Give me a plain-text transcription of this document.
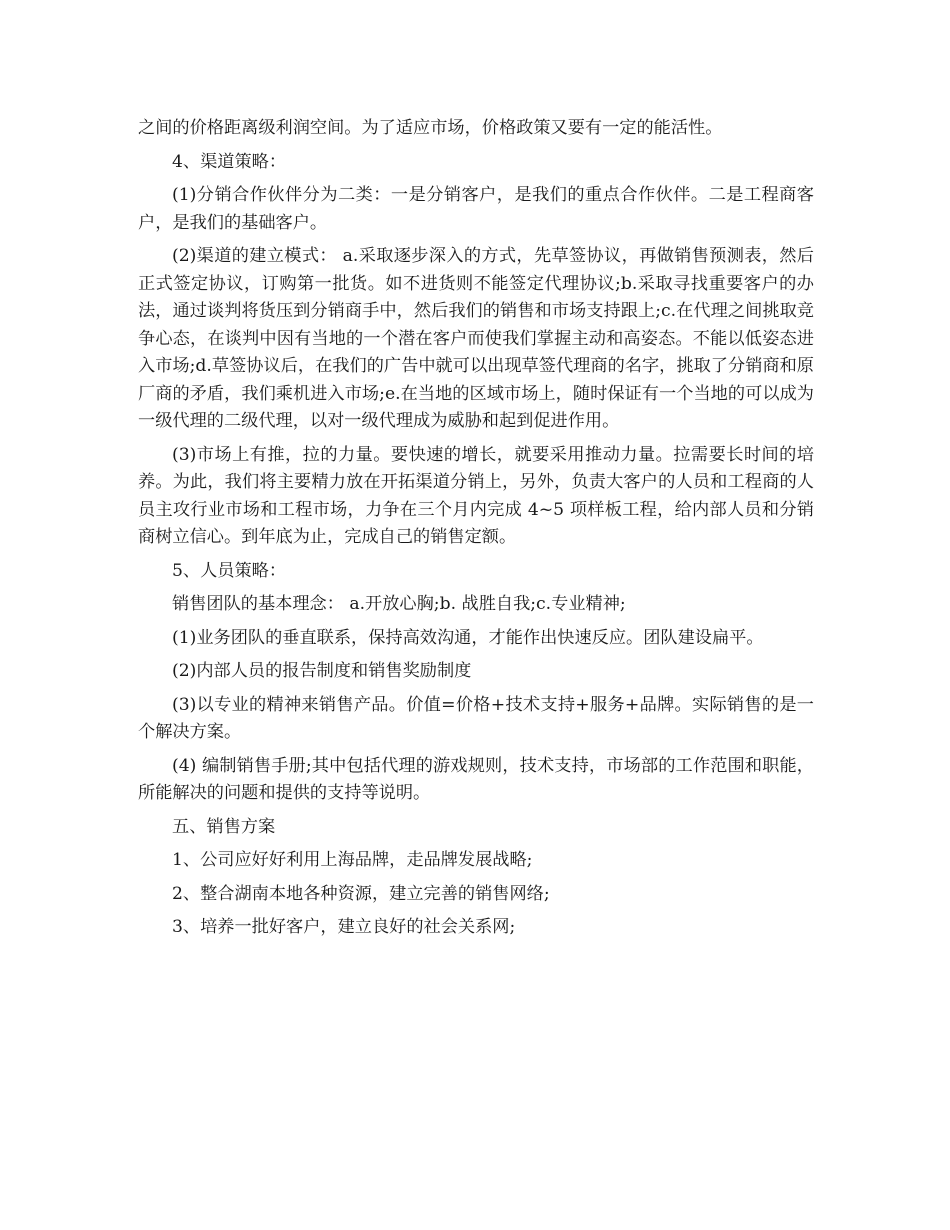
之间的价格距离级利润空间。为了适应市场，价格政策又要有一定的能活性。

4、渠道策略：

(1)分销合作伙伴分为二类：一是分销客户，是我们的重点合作伙伴。二是工程商客户，是我们的基础客户。

(2)渠道的建立模式： a.采取逐步深入的方式，先草签协议，再做销售预测表，然后正式签定协议，订购第一批货。如不进货则不能签定代理协议;b.采取寻找重要客户的办法，通过谈判将货压到分销商手中，然后我们的销售和市场支持跟上;c.在代理之间挑取竞争心态，在谈判中因有当地的一个潜在客户而使我们掌握主动和高姿态。不能以低姿态进入市场;d.草签协议后，在我们的广告中就可以出现草签代理商的名字，挑取了分销商和原厂商的矛盾，我们乘机进入市场;e.在当地的区域市场上，随时保证有一个当地的可以成为一级代理的二级代理，以对一级代理成为威胁和起到促进作用。

(3)市场上有推，拉的力量。要快速的增长，就要采用推动力量。拉需要长时间的培养。为此，我们将主要精力放在开拓渠道分销上，另外，负责大客户的人员和工程商的人员主攻行业市场和工程市场，力争在三个月内完成 4~5 项样板工程，给内部人员和分销商树立信心。到年底为止，完成自己的销售定额。

5、人员策略：

销售团队的基本理念： a.开放心胸;b. 战胜自我;c.专业精神;

(1)业务团队的垂直联系，保持高效沟通，才能作出快速反应。团队建设扁平。

(2)内部人员的报告制度和销售奖励制度

(3)以专业的精神来销售产品。价值=价格+技术支持+服务+品牌。实际销售的是一个解决方案。

(4) 编制销售手册;其中包括代理的游戏规则，技术支持，市场部的工作范围和职能，所能解决的问题和提供的支持等说明。

五、销售方案

1、公司应好好利用上海品牌，走品牌发展战略;

2、整合湖南本地各种资源，建立完善的销售网络;

3、培养一批好客户，建立良好的社会关系网;
